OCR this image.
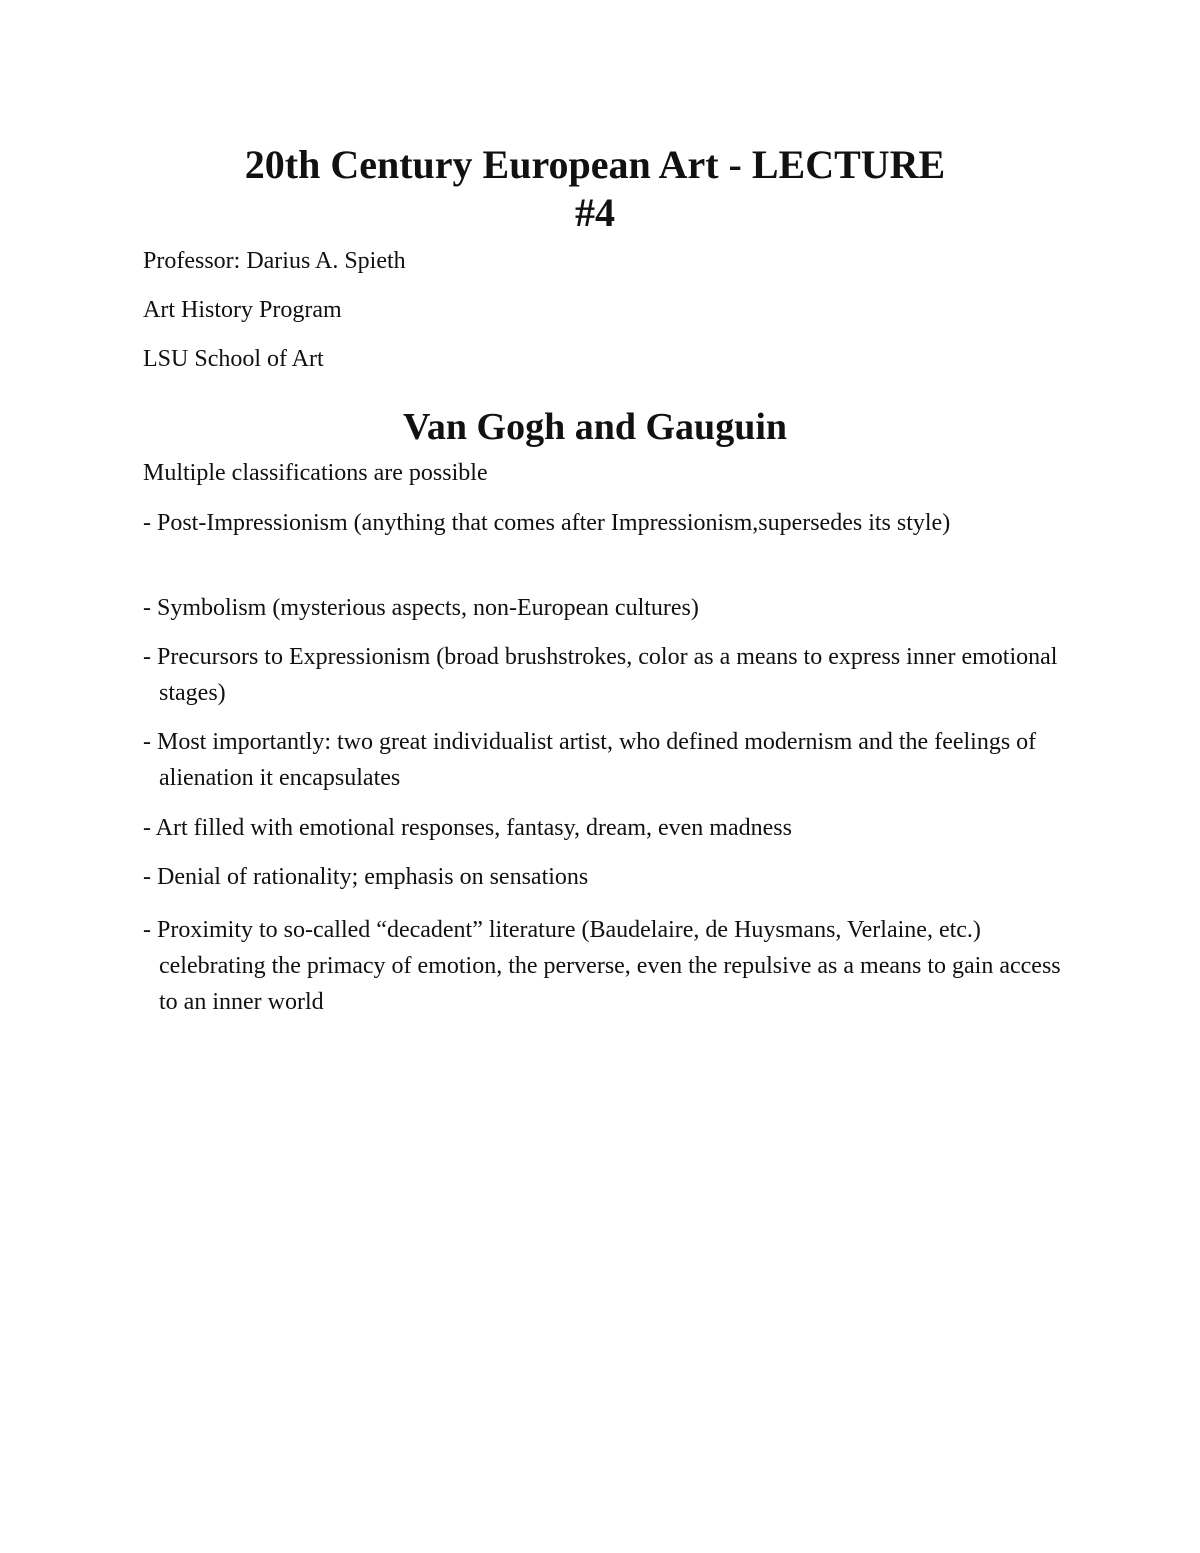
20th Century European Art - LECTURE
#4

Professor: Darius A. Spieth

Art History Program

LSU School of Art

Van Gogh and Gauguin

Multiple classifications are possible

- Post-Impressionism (anything that comes after Impressionism,supersedes its style)

- Symbolism (mysterious aspects, non-European cultures)

- Precursors to Expressionism (broad brushstrokes, color as a means to express inner emotional stages)

- Most importantly: two great individualist artist, who defined modernism and the feelings of alienation it encapsulates

- Art filled with emotional responses, fantasy, dream, even madness

- Denial of rationality; emphasis on sensations

- Proximity to so-called “decadent” literature (Baudelaire, de Huysmans, Verlaine, etc.) celebrating the primacy of emotion, the perverse, even the repulsive as a means to gain access to an inner world
